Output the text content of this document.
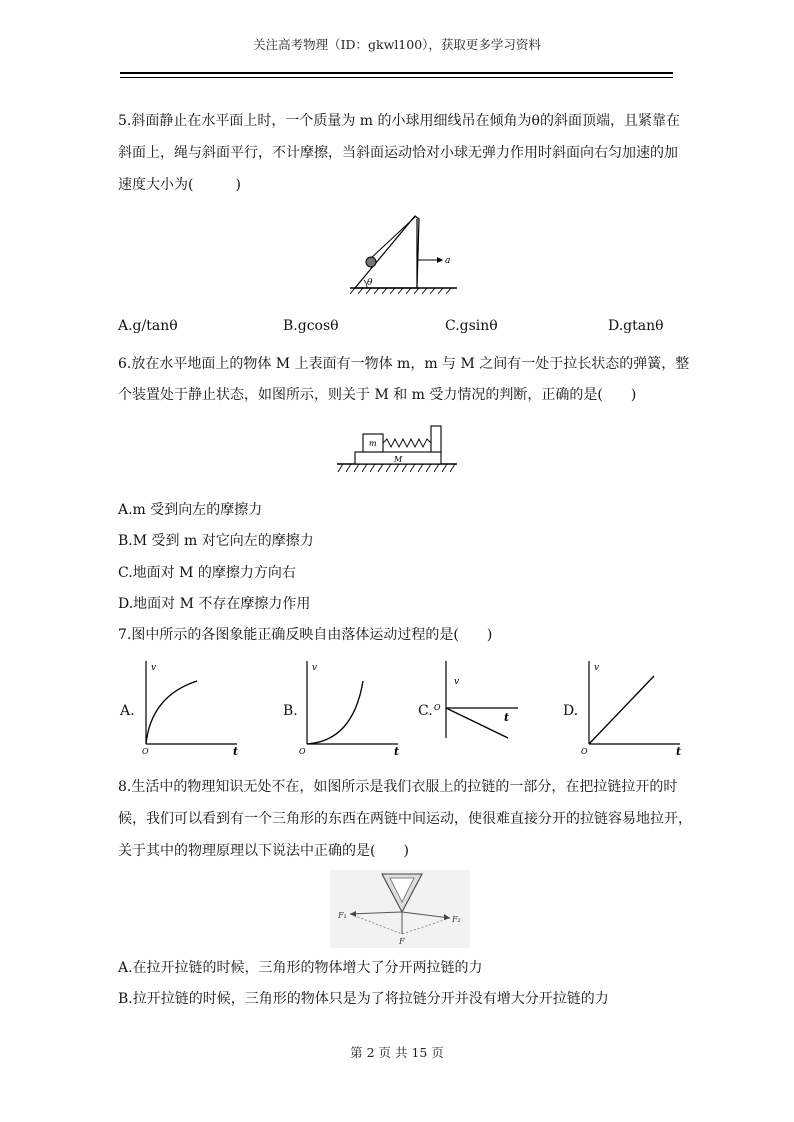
关注高考物理（ID：gkwl100），获取更多学习资料
5.斜面静止在水平面上时，一个质量为 m 的小球用细线吊在倾角为θ的斜面顶端，且紧靠在
斜面上，绳与斜面平行，不计摩擦，当斜面运动恰对小球无弹力作用时斜面向右匀加速的加
速度大小为(　　　)
a
θ
A.g/tanθ	B.gcosθ	C.gsinθ	D.gtanθ
6.放在水平地面上的物体 M 上表面有一物体 m，m 与 M 之间有一处于拉长状态的弹簧，整
个装置处于静止状态，如图所示，则关于 M 和 m 受力情况的判断，正确的是(　　)
m
M
A.m 受到向左的摩擦力
B.M 受到 m 对它向左的摩擦力
C.地面对 M 的摩擦力方向右
D.地面对 M 不存在摩擦力作用
7.图中所示的各图象能正确反映自由落体运动过程的是(　　)
A.
v
t
O
B.
v
t
O
C.
v
t
O	D.
v
t
O
8.生活中的物理知识无处不在，如图所示是我们衣服上的拉链的一部分，在把拉链拉开的时
候，我们可以看到有一个三角形的东西在两链中间运动，使很难直接分开的拉链容易地拉开，
关于其中的物理原理以下说法中正确的是(　　)
F₁	F₂
F
A.在拉开拉链的时候，三角形的物体增大了分开两拉链的力
B.拉开拉链的时候，三角形的物体只是为了将拉链分开并没有增大分开拉链的力
第 2 页 共 15 页
